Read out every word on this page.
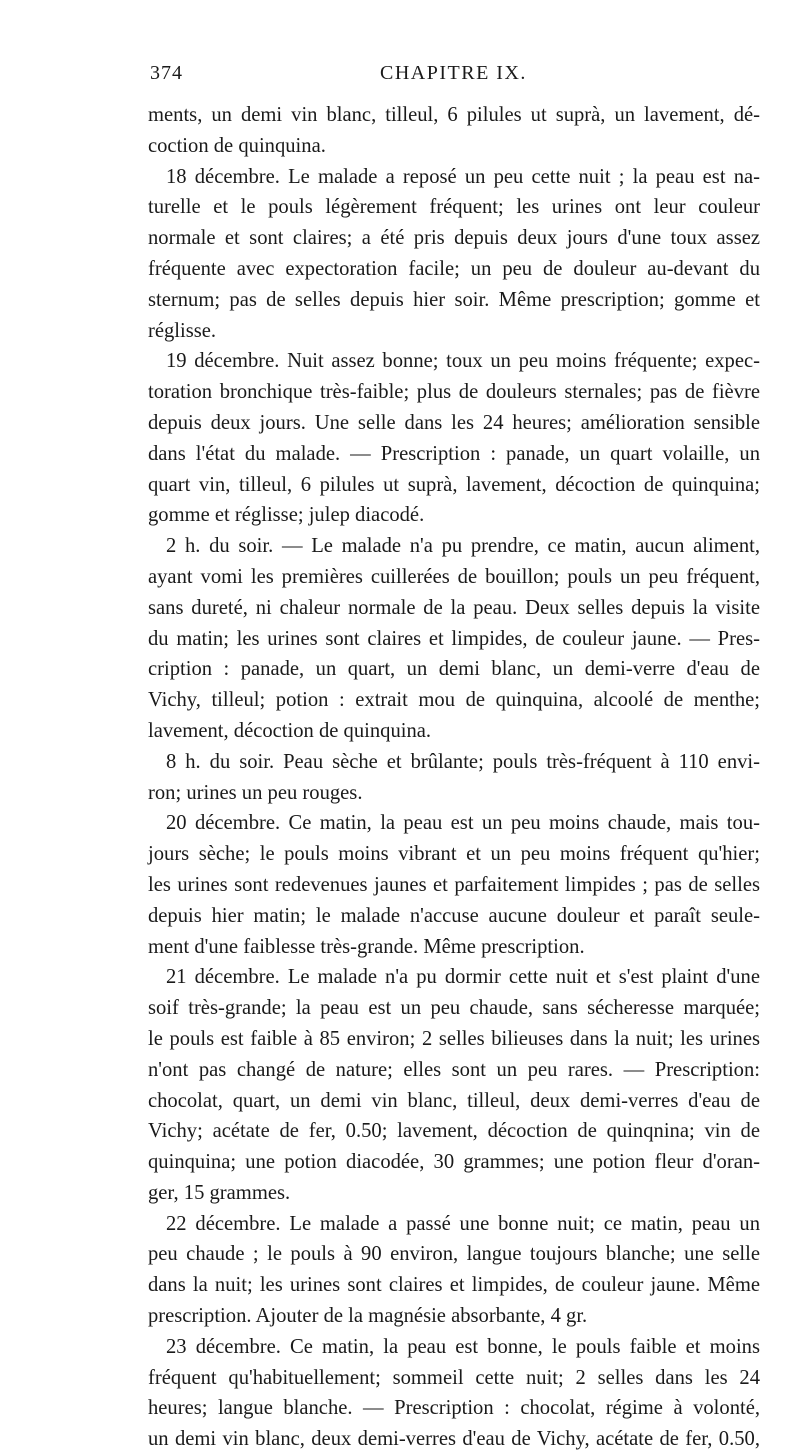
374	CHAPITRE IX.
ments, un demi vin blanc, tilleul, 6 pilules ut suprà, un lavement, dé-
coction de quinquina.
18 décembre. Le malade a reposé un peu cette nuit ; la peau est na-
turelle et le pouls légèrement fréquent; les urines ont leur couleur
normale et sont claires; a été pris depuis deux jours d'une toux assez
fréquente avec expectoration facile; un peu de douleur au-devant du
sternum; pas de selles depuis hier soir. Même prescription; gomme et
réglisse.
19 décembre. Nuit assez bonne; toux un peu moins fréquente; expec-
toration bronchique très-faible; plus de douleurs sternales; pas de fièvre
depuis deux jours. Une selle dans les 24 heures; amélioration sensible
dans l'état du malade. — Prescription : panade, un quart volaille, un
quart vin, tilleul, 6 pilules ut suprà, lavement, décoction de quinquina;
gomme et réglisse; julep diacodé.
2 h. du soir. — Le malade n'a pu prendre, ce matin, aucun aliment,
ayant vomi les premières cuillerées de bouillon; pouls un peu fréquent,
sans dureté, ni chaleur normale de la peau. Deux selles depuis la visite
du matin; les urines sont claires et limpides, de couleur jaune. — Pres-
cription : panade, un quart, un demi blanc, un demi-verre d'eau de
Vichy, tilleul; potion : extrait mou de quinquina, alcoolé de menthe;
lavement, décoction de quinquina.
8 h. du soir. Peau sèche et brûlante; pouls très-fréquent à 110 envi-
ron; urines un peu rouges.
20 décembre. Ce matin, la peau est un peu moins chaude, mais tou-
jours sèche; le pouls moins vibrant et un peu moins fréquent qu'hier;
les urines sont redevenues jaunes et parfaitement limpides ; pas de selles
depuis hier matin; le malade n'accuse aucune douleur et paraît seule-
ment d'une faiblesse très-grande. Même prescription.
21 décembre. Le malade n'a pu dormir cette nuit et s'est plaint d'une
soif très-grande; la peau est un peu chaude, sans sécheresse marquée;
le pouls est faible à 85 environ; 2 selles bilieuses dans la nuit; les urines
n'ont pas changé de nature; elles sont un peu rares. — Prescription:
chocolat, quart, un demi vin blanc, tilleul, deux demi-verres d'eau de
Vichy; acétate de fer, 0.50; lavement, décoction de quinqnina; vin de
quinquina; une potion diacodée, 30 grammes; une potion fleur d'oran-
ger, 15 grammes.
22 décembre. Le malade a passé une bonne nuit; ce matin, peau un
peu chaude ; le pouls à 90 environ, langue toujours blanche; une selle
dans la nuit; les urines sont claires et limpides, de couleur jaune. Même
prescription. Ajouter de la magnésie absorbante, 4 gr.
23 décembre. Ce matin, la peau est bonne, le pouls faible et moins
fréquent qu'habituellement; sommeil cette nuit; 2 selles dans les 24
heures; langue blanche. — Prescription : chocolat, régime à volonté,
un demi vin blanc, deux demi-verres d'eau de Vichy, acétate de fer, 0.50,
